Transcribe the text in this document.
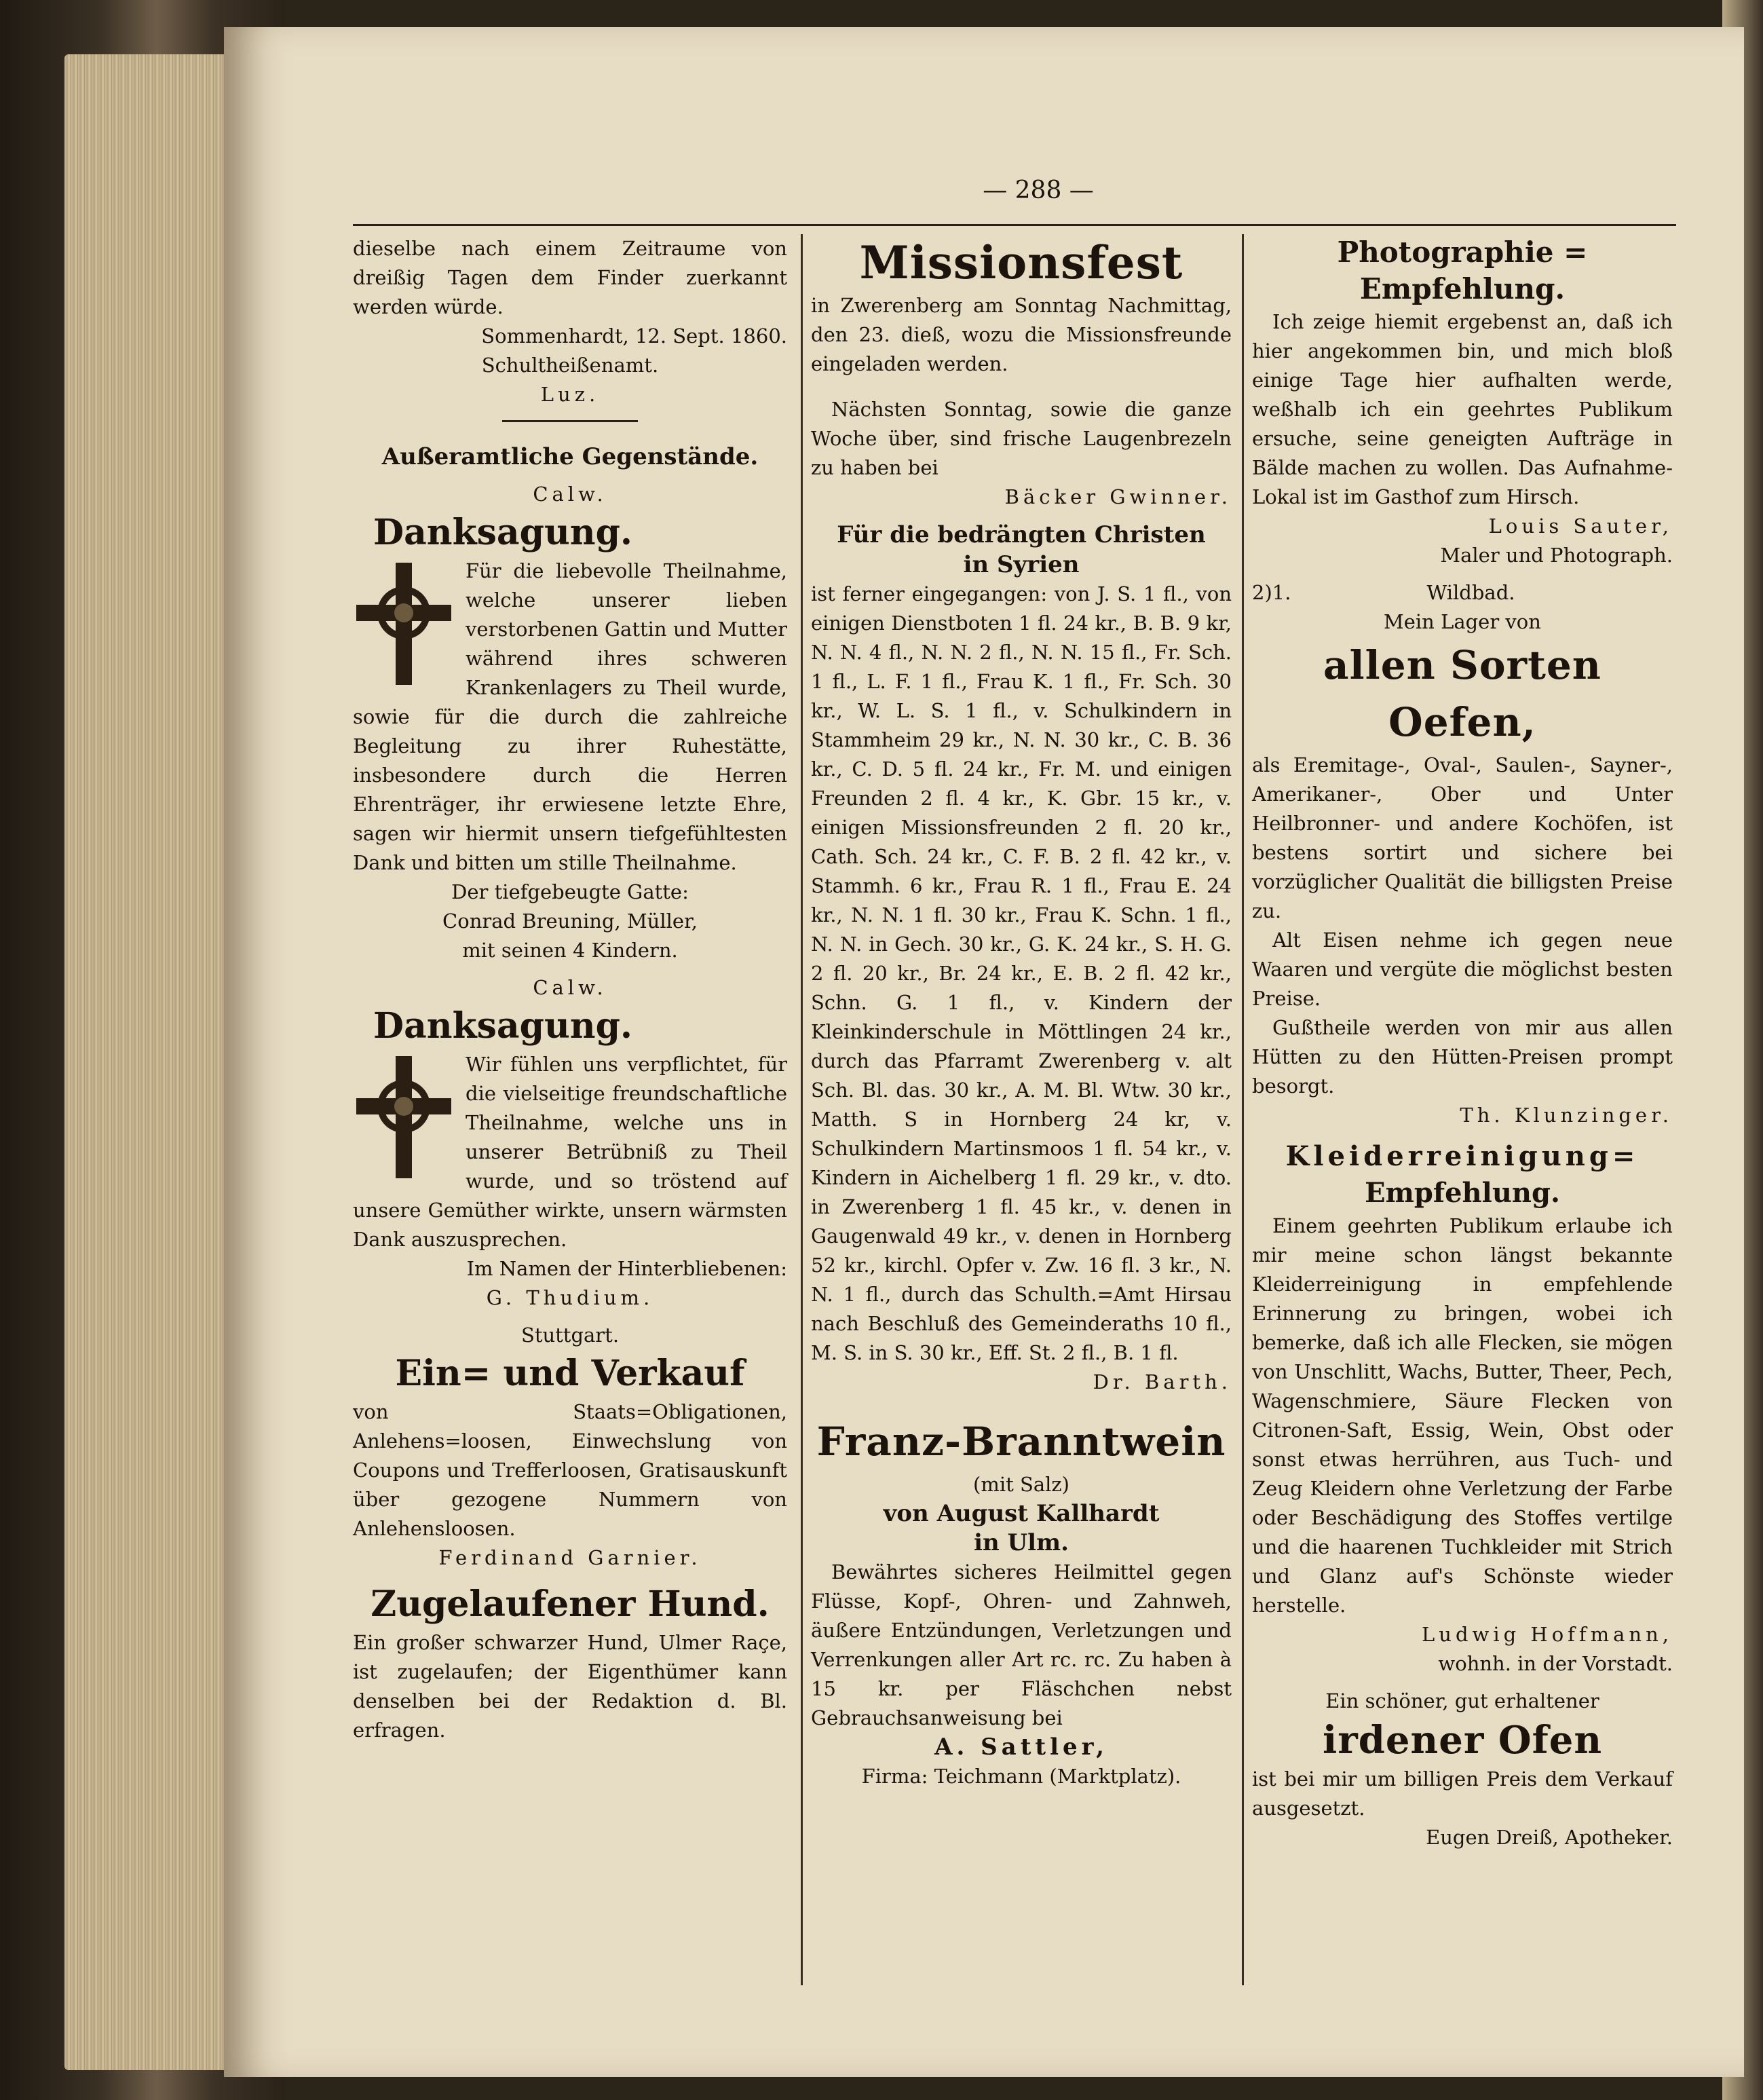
— 288 —

dieselbe nach einem Zeitraume von dreißig Tagen dem Finder zuerkannt werden würde.

Sommenhardt, 12. Sept. 1860.

Schultheißenamt.

Luz.

Außeramtliche Gegenstände.

Calw.

Danksagung.

Für die liebevolle Theilnahme, welche unserer lieben verstorbenen Gattin und Mutter während ihres schweren Krankenlagers zu Theil wurde, sowie für die durch die zahlreiche Begleitung zu ihrer Ruhestätte, insbesondere durch die Herren Ehrenträger, ihr erwiesene letzte Ehre, sagen wir hiermit unsern tiefgefühltesten Dank und bitten um stille Theilnahme.

Der tiefgebeugte Gatte:

Conrad Breuning, Müller,

mit seinen 4 Kindern.

Calw.

Danksagung.

Wir fühlen uns verpflichtet, für die vielseitige freundschaftliche Theilnahme, welche uns in unserer Betrübniß zu Theil wurde, und so tröstend auf unsere Gemüther wirkte, unsern wärmsten Dank auszusprechen.

Im Namen der Hinterbliebenen:

G. Thudium.

Stuttgart.

Ein= und Verkauf

von Staats=Obligationen, Anlehens=loosen, Einwechslung von Coupons und Trefferloosen, Gratisauskunft über gezogene Nummern von Anlehensloosen.

Ferdinand Garnier.

Zugelaufener Hund.

Ein großer schwarzer Hund, Ulmer Raçe, ist zugelaufen; der Eigenthümer kann denselben bei der Redaktion d. Bl. erfragen.

Missionsfest

in Zwerenberg am Sonntag Nachmittag, den 23. dieß, wozu die Missionsfreunde eingeladen werden.

Nächsten Sonntag, sowie die ganze Woche über, sind frische Laugenbrezeln zu haben bei

Bäcker Gwinner.

Für die bedrängten Christen

in Syrien

ist ferner eingegangen: von J. S. 1 fl., von einigen Dienstboten 1 fl. 24 kr., B. B. 9 kr, N. N. 4 fl., N. N. 2 fl., N. N. 15 fl., Fr. Sch. 1 fl., L. F. 1 fl., Frau K. 1 fl., Fr. Sch. 30 kr., W. L. S. 1 fl., v. Schulkindern in Stammheim 29 kr., N. N. 30 kr., C. B. 36 kr., C. D. 5 fl. 24 kr., Fr. M. und einigen Freunden 2 fl. 4 kr., K. Gbr. 15 kr., v. einigen Missionsfreunden 2 fl. 20 kr., Cath. Sch. 24 kr., C. F. B. 2 fl. 42 kr., v. Stammh. 6 kr., Frau R. 1 fl., Frau E. 24 kr., N. N. 1 fl. 30 kr., Frau K. Schn. 1 fl., N. N. in Gech. 30 kr., G. K. 24 kr., S. H. G. 2 fl. 20 kr., Br. 24 kr., E. B. 2 fl. 42 kr., Schn. G. 1 fl., v. Kindern der Kleinkinderschule in Möttlingen 24 kr., durch das Pfarramt Zwerenberg v. alt Sch. Bl. das. 30 kr., A. M. Bl. Wtw. 30 kr., Matth. S in Hornberg 24 kr, v. Schulkindern Martinsmoos 1 fl. 54 kr., v. Kindern in Aichelberg 1 fl. 29 kr., v. dto. in Zwerenberg 1 fl. 45 kr., v. denen in Gaugenwald 49 kr., v. denen in Hornberg 52 kr., kirchl. Opfer v. Zw. 16 fl. 3 kr., N. N. 1 fl., durch das Schulth.=Amt Hirsau nach Beschluß des Gemeinderaths 10 fl., M. S. in S. 30 kr., Eff. St. 2 fl., B. 1 fl.

Dr. Barth.

Franz-Branntwein

(mit Salz)

von August Kallhardt

in Ulm.

Bewährtes sicheres Heilmittel gegen Flüsse, Kopf-, Ohren- und Zahnweh, äußere Entzündungen, Verletzungen und Verrenkungen aller Art rc. rc. Zu haben à 15 kr. per Fläschchen nebst Gebrauchsanweisung bei

A. Sattler,

Firma: Teichmann (Marktplatz).

Photographie = Empfehlung.

Ich zeige hiemit ergebenst an, daß ich hier angekommen bin, und mich bloß einige Tage hier aufhalten werde, weßhalb ich ein geehrtes Publikum ersuche, seine geneigten Aufträge in Bälde machen zu wollen. Das Aufnahme-Lokal ist im Gasthof zum Hirsch.

Louis Sauter,

Maler und Photograph.

2)1.	Wildbad.

Mein Lager von

allen Sorten Oefen,

als Eremitage-, Oval-, Saulen-, Sayner-, Amerikaner-, Ober und Unter Heilbronner- und andere Kochöfen, ist bestens sortirt und sichere bei vorzüglicher Qualität die billigsten Preise zu.

Alt Eisen nehme ich gegen neue Waaren und vergüte die möglichst besten Preise.

Gußtheile werden von mir aus allen Hütten zu den Hütten-Preisen prompt besorgt.

Th. Klunzinger.

Kleiderreinigung=

Empfehlung.

Einem geehrten Publikum erlaube ich mir meine schon längst bekannte Kleiderreinigung in empfehlende Erinnerung zu bringen, wobei ich bemerke, daß ich alle Flecken, sie mögen von Unschlitt, Wachs, Butter, Theer, Pech, Wagenschmiere, Säure Flecken von Citronen-Saft, Essig, Wein, Obst oder sonst etwas herrühren, aus Tuch- und Zeug Kleidern ohne Verletzung der Farbe oder Beschädigung des Stoffes vertilge und die haarenen Tuchkleider mit Strich und Glanz auf's Schönste wieder herstelle.

Ludwig Hoffmann,

wohnh. in der Vorstadt.

Ein schöner, gut erhaltener

irdener Ofen

ist bei mir um billigen Preis dem Verkauf ausgesetzt.

Eugen Dreiß, Apotheker.
